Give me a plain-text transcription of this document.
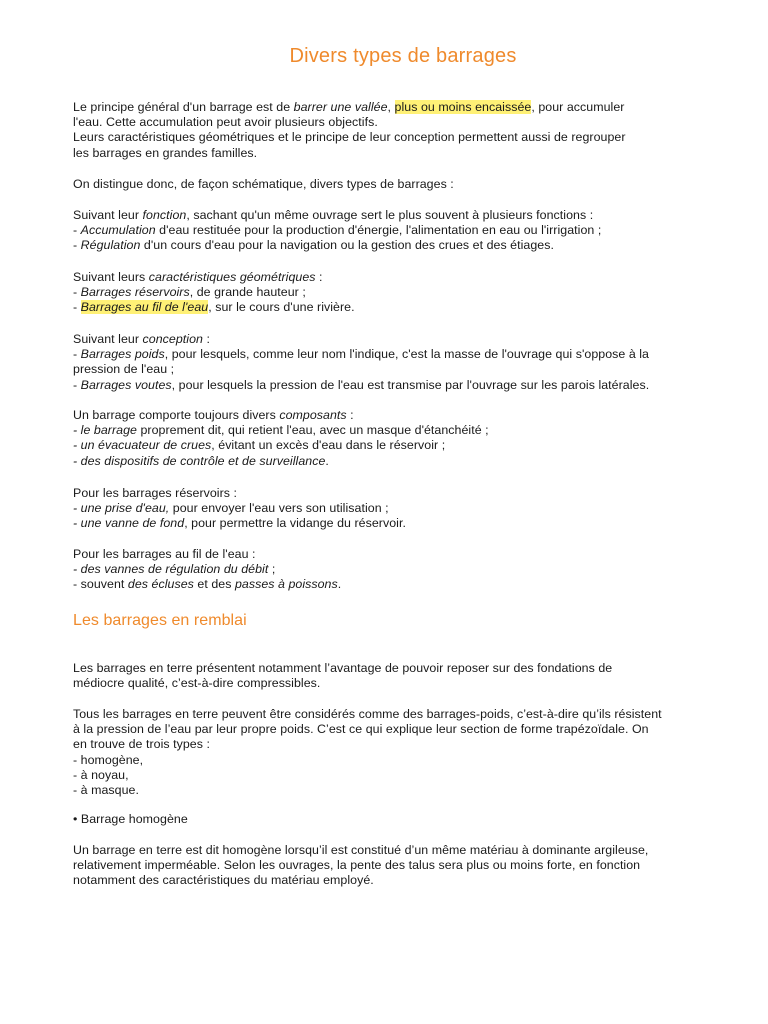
Divers types de barrages
Le principe général d'un barrage est de barrer une vallée, plus ou moins encaissée, pour accumuler
l'eau. Cette accumulation peut avoir plusieurs objectifs.
Leurs caractéristiques géométriques et le principe de leur conception permettent aussi de regrouper
les barrages en grandes familles.
On distingue donc, de façon schématique, divers types de barrages :
Suivant leur fonction, sachant qu'un même ouvrage sert le plus souvent à plusieurs fonctions :
- Accumulation d'eau restituée pour la production d'énergie, l'alimentation en eau ou l'irrigation ;
- Régulation d'un cours d'eau pour la navigation ou la gestion des crues et des étiages.
Suivant leurs caractéristiques géométriques :
- Barrages réservoirs, de grande hauteur ;
- Barrages au fil de l'eau, sur le cours d'une rivière.
Suivant leur conception :
- Barrages poids, pour lesquels, comme leur nom l'indique, c'est la masse de l'ouvrage qui s'oppose à la
pression de l'eau ;
- Barrages voutes, pour lesquels la pression de l'eau est transmise par l'ouvrage sur les parois latérales.
Un barrage comporte toujours divers composants :
- le barrage proprement dit, qui retient l'eau, avec un masque d'étanchéité ;
- un évacuateur de crues, évitant un excès d'eau dans le réservoir ;
- des dispositifs de contrôle et de surveillance.
Pour les barrages réservoirs :
- une prise d'eau, pour envoyer l'eau vers son utilisation ;
- une vanne de fond, pour permettre la vidange du réservoir.
Pour les barrages au fil de l'eau :
- des vannes de régulation du débit ;
- souvent des écluses et des passes à poissons.
Les barrages en remblai
Les barrages en terre présentent notamment l’avantage de pouvoir reposer sur des fondations de
médiocre qualité, c’est-à-dire compressibles.
Tous les barrages en terre peuvent être considérés comme des barrages-poids, c’est-à-dire qu’ils résistent
à la pression de l’eau par leur propre poids. C’est ce qui explique leur section de forme trapézoïdale. On
en trouve de trois types :
- homogène,
- à noyau,
- à masque.
• Barrage homogène
Un barrage en terre est dit homogène lorsqu’il est constitué d’un même matériau à dominante argileuse,
relativement imperméable. Selon les ouvrages, la pente des talus sera plus ou moins forte, en fonction
notamment des caractéristiques du matériau employé.
